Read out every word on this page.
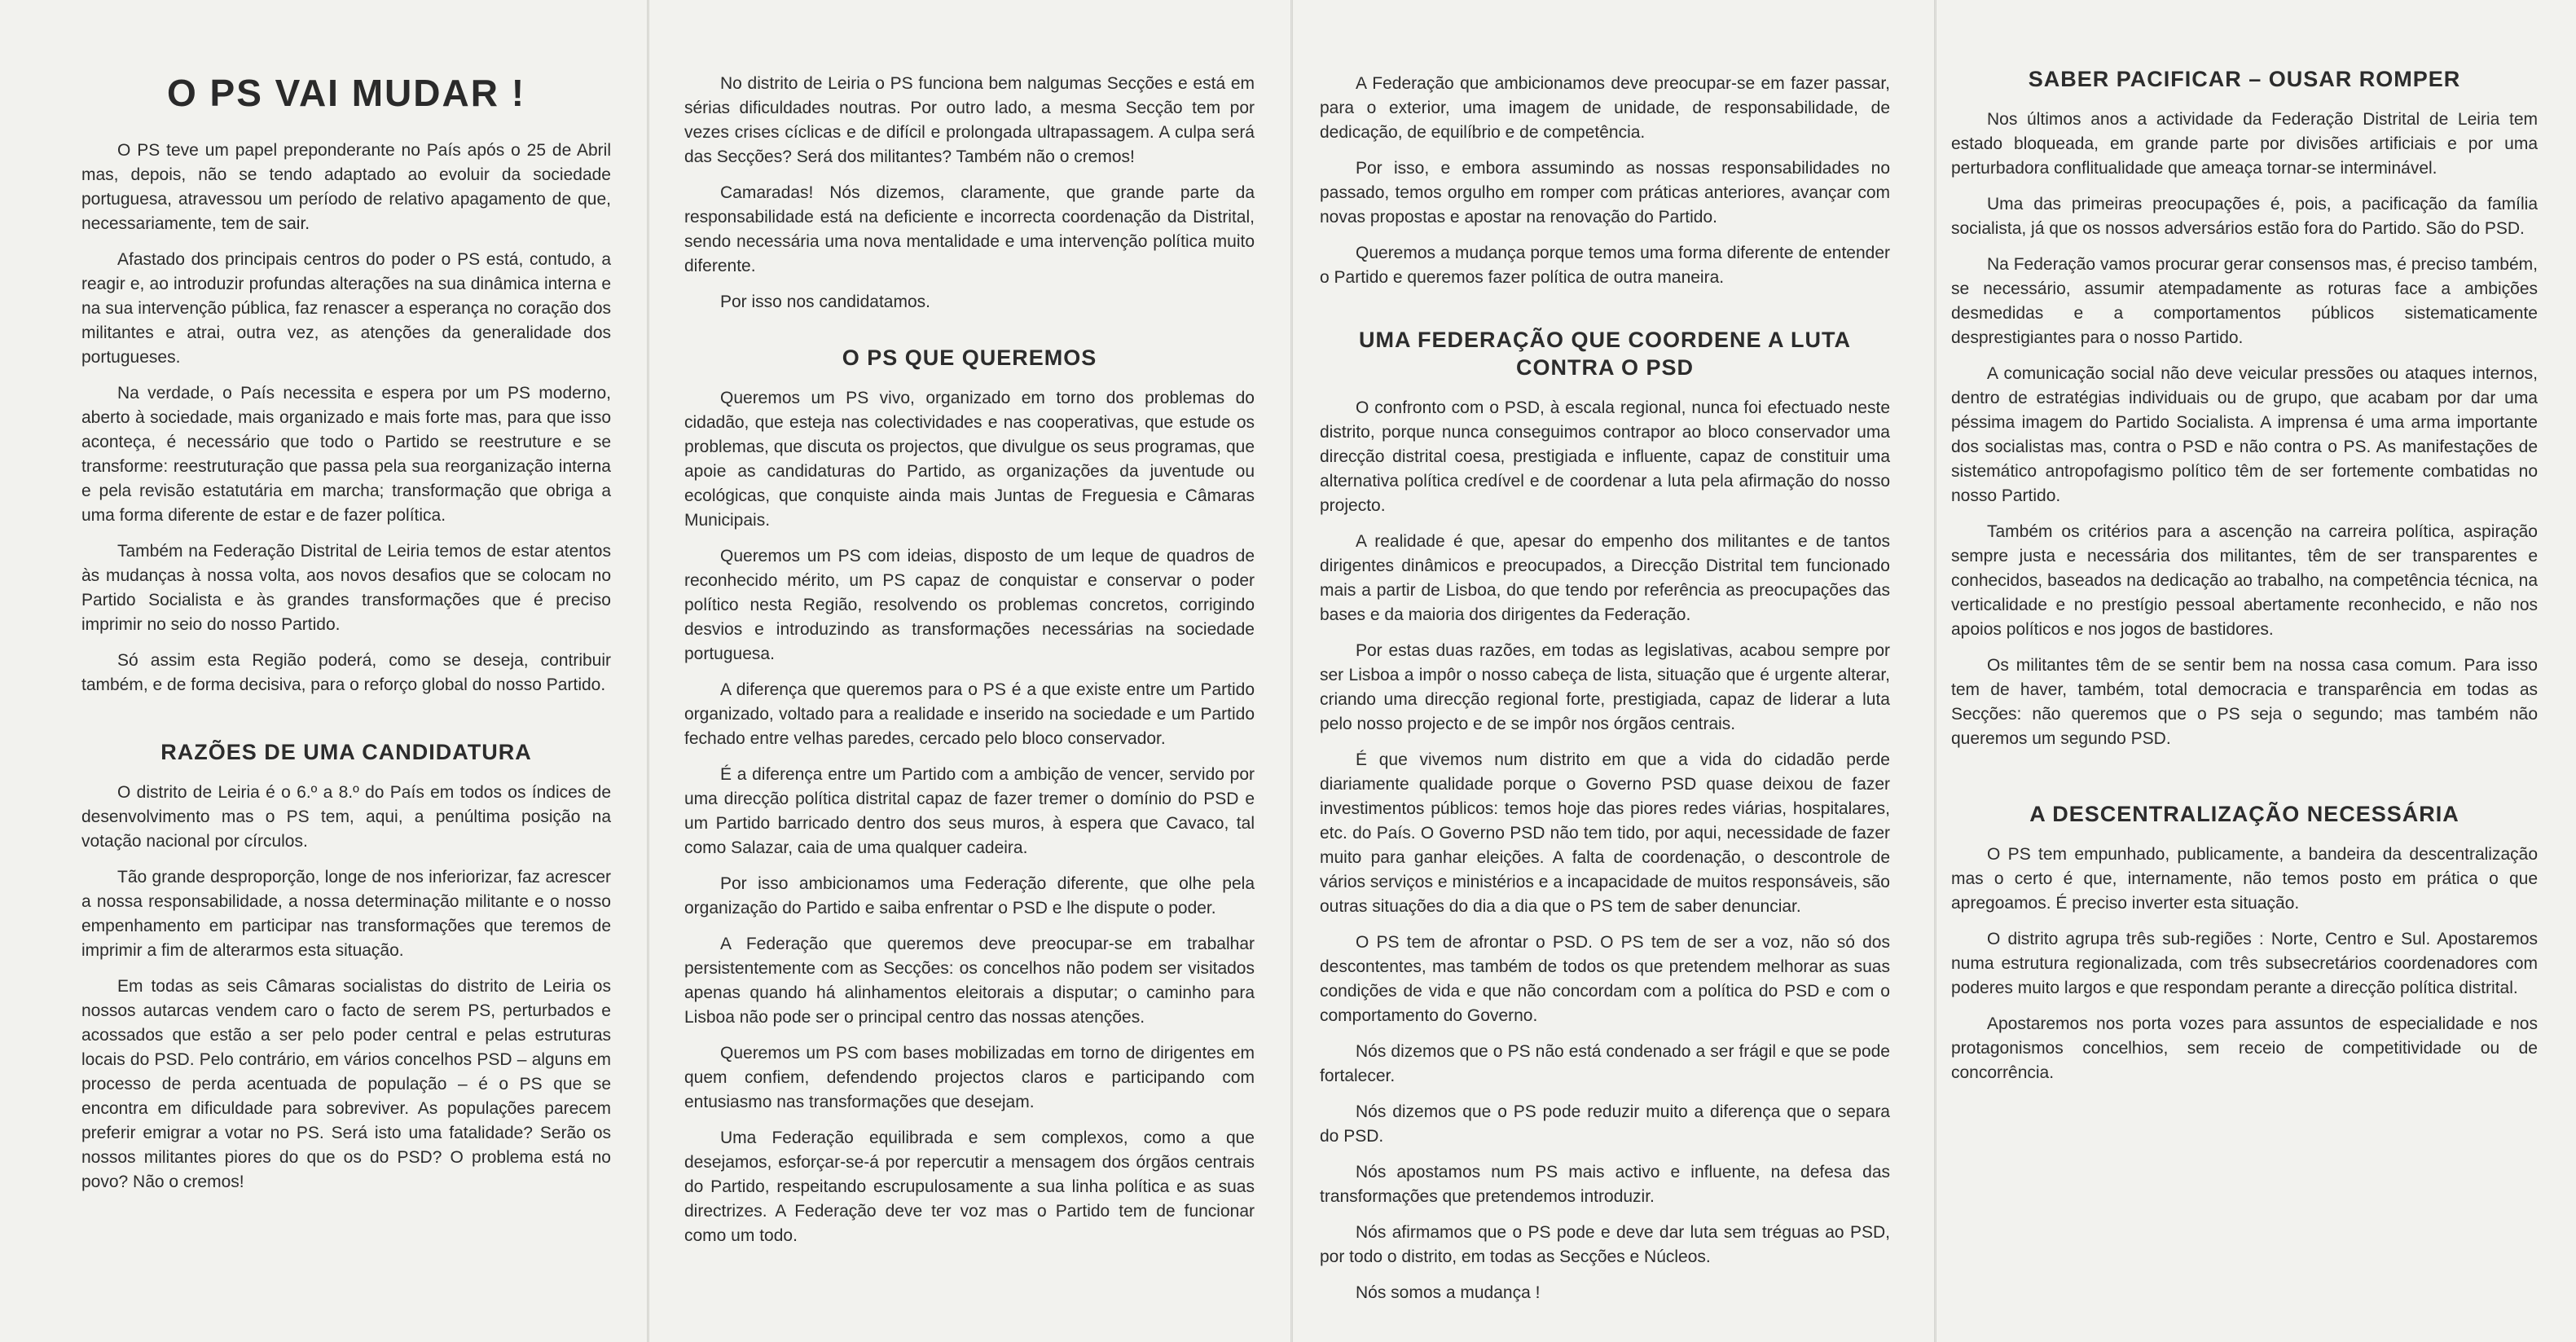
O PS VAI MUDAR !

O PS teve um papel preponderante no País após o 25 de Abril mas, depois, não se tendo adaptado ao evoluir da sociedade portuguesa, atravessou um período de relativo apagamento de que, necessariamente, tem de sair.

Afastado dos principais centros do poder o PS está, contudo, a reagir e, ao introduzir profundas alterações na sua dinâmica interna e na sua intervenção pública, faz renascer a esperança no coração dos militantes e atrai, outra vez, as atenções da generalidade dos portugueses.

Na verdade, o País necessita e espera por um PS moderno, aberto à sociedade, mais organizado e mais forte mas, para que isso aconteça, é necessário que todo o Partido se reestruture e se transforme: reestruturação que passa pela sua reorganização interna e pela revisão estatutária em marcha; transformação que obriga a uma forma diferente de estar e de fazer política.

Também na Federação Distrital de Leiria temos de estar atentos às mudanças à nossa volta, aos novos desafios que se colocam no Partido Socialista e às grandes transformações que é preciso imprimir no seio do nosso Partido.

Só assim esta Região poderá, como se deseja, contribuir também, e de forma decisiva, para o reforço global do nosso Partido.

RAZÕES DE UMA CANDIDATURA

O distrito de Leiria é o 6.º a 8.º do País em todos os índices de desenvolvimento mas o PS tem, aqui, a penúltima posição na votação nacional por círculos.

Tão grande desproporção, longe de nos inferiorizar, faz acrescer a nossa responsabilidade, a nossa determinação militante e o nosso empenhamento em participar nas transformações que teremos de imprimir a fim de alterarmos esta situação.

Em todas as seis Câmaras socialistas do distrito de Leiria os nossos autarcas vendem caro o facto de serem PS, perturbados e acossados que estão a ser pelo poder central e pelas estruturas locais do PSD. Pelo contrário, em vários concelhos PSD – alguns em processo de perda acentuada de população – é o PS que se encontra em dificuldade para sobreviver. As populações parecem preferir emigrar a votar no PS. Será isto uma fatalidade? Serão os nossos militantes piores do que os do PSD? O problema está no povo? Não o cremos!

No distrito de Leiria o PS funciona bem nalgumas Secções e está em sérias dificuldades noutras. Por outro lado, a mesma Secção tem por vezes crises cíclicas e de difícil e prolongada ultrapassagem. A culpa será das Secções? Será dos militantes? Também não o cremos!

Camaradas! Nós dizemos, claramente, que grande parte da responsabilidade está na deficiente e incorrecta coordenação da Distrital, sendo necessária uma nova mentalidade e uma intervenção política muito diferente.

Por isso nos candidatamos.

O PS QUE QUEREMOS

Queremos um PS vivo, organizado em torno dos problemas do cidadão, que esteja nas colectividades e nas cooperativas, que estude os problemas, que discuta os projectos, que divulgue os seus programas, que apoie as candidaturas do Partido, as organizações da juventude ou ecológicas, que conquiste ainda mais Juntas de Freguesia e Câmaras Municipais.

Queremos um PS com ideias, disposto de um leque de quadros de reconhecido mérito, um PS capaz de conquistar e conservar o poder político nesta Região, resolvendo os problemas concretos, corrigindo desvios e introduzindo as transformações necessárias na sociedade portuguesa.

A diferença que queremos para o PS é a que existe entre um Partido organizado, voltado para a realidade e inserido na sociedade e um Partido fechado entre velhas paredes, cercado pelo bloco conservador.

É a diferença entre um Partido com a ambição de vencer, servido por uma direcção política distrital capaz de fazer tremer o domínio do PSD e um Partido barricado dentro dos seus muros, à espera que Cavaco, tal como Salazar, caia de uma qualquer cadeira.

Por isso ambicionamos uma Federação diferente, que olhe pela organização do Partido e saiba enfrentar o PSD e lhe dispute o poder.

A Federação que queremos deve preocupar-se em trabalhar persistentemente com as Secções: os concelhos não podem ser visitados apenas quando há alinhamentos eleitorais a disputar; o caminho para Lisboa não pode ser o principal centro das nossas atenções.

Queremos um PS com bases mobilizadas em torno de dirigentes em quem confiem, defendendo projectos claros e participando com entusiasmo nas transformações que desejam.

Uma Federação equilibrada e sem complexos, como a que desejamos, esforçar-se-á por repercutir a mensagem dos órgãos centrais do Partido, respeitando escrupulosamente a sua linha política e as suas directrizes. A Federação deve ter voz mas o Partido tem de funcionar como um todo.

A Federação que ambicionamos deve preocupar-se em fazer passar, para o exterior, uma imagem de unidade, de responsabilidade, de dedicação, de equilíbrio e de competência.

Por isso, e embora assumindo as nossas responsabilidades no passado, temos orgulho em romper com práticas anteriores, avançar com novas propostas e apostar na renovação do Partido.

Queremos a mudança porque temos uma forma diferente de entender o Partido e queremos fazer política de outra maneira.

UMA FEDERAÇÃO QUE COORDENE A LUTA CONTRA O PSD

O confronto com o PSD, à escala regional, nunca foi efectuado neste distrito, porque nunca conseguimos contrapor ao bloco conservador uma direcção distrital coesa, prestigiada e influente, capaz de constituir uma alternativa política credível e de coordenar a luta pela afirmação do nosso projecto.

A realidade é que, apesar do empenho dos militantes e de tantos dirigentes dinâmicos e preocupados, a Direcção Distrital tem funcionado mais a partir de Lisboa, do que tendo por referência as preocupações das bases e da maioria dos dirigentes da Federação.

Por estas duas razões, em todas as legislativas, acabou sempre por ser Lisboa a impôr o nosso cabeça de lista, situação que é urgente alterar, criando uma direcção regional forte, prestigiada, capaz de liderar a luta pelo nosso projecto e de se impôr nos órgãos centrais.

É que vivemos num distrito em que a vida do cidadão perde diariamente qualidade porque o Governo PSD quase deixou de fazer investimentos públicos: temos hoje das piores redes viárias, hospitalares, etc. do País. O Governo PSD não tem tido, por aqui, necessidade de fazer muito para ganhar eleições. A falta de coordenação, o descontrole de vários serviços e ministérios e a incapacidade de muitos responsáveis, são outras situações do dia a dia que o PS tem de saber denunciar.

O PS tem de afrontar o PSD. O PS tem de ser a voz, não só dos descontentes, mas também de todos os que pretendem melhorar as suas condições de vida e que não concordam com a política do PSD e com o comportamento do Governo.

Nós dizemos que o PS não está condenado a ser frágil e que se pode fortalecer.

Nós dizemos que o PS pode reduzir muito a diferença que o separa do PSD.

Nós apostamos num PS mais activo e influente, na defesa das transformações que pretendemos introduzir.

Nós afirmamos que o PS pode e deve dar luta sem tréguas ao PSD, por todo o distrito, em todas as Secções e Núcleos.

Nós somos a mudança !

SABER PACIFICAR – OUSAR ROMPER

Nos últimos anos a actividade da Federação Distrital de Leiria tem estado bloqueada, em grande parte por divisões artificiais e por uma perturbadora conflitualidade que ameaça tornar-se interminável.

Uma das primeiras preocupações é, pois, a pacificação da família socialista, já que os nossos adversários estão fora do Partido. São do PSD.

Na Federação vamos procurar gerar consensos mas, é preciso também, se necessário, assumir atempadamente as roturas face a ambições desmedidas e a comportamentos públicos sistematicamente desprestigiantes para o nosso Partido.

A comunicação social não deve veicular pressões ou ataques internos, dentro de estratégias individuais ou de grupo, que acabam por dar uma péssima imagem do Partido Socialista. A imprensa é uma arma importante dos socialistas mas, contra o PSD e não contra o PS. As manifestações de sistemático antropofagismo político têm de ser fortemente combatidas no nosso Partido.

Também os critérios para a ascenção na carreira política, aspiração sempre justa e necessária dos militantes, têm de ser transparentes e conhecidos, baseados na dedicação ao trabalho, na competência técnica, na verticalidade e no prestígio pessoal abertamente reconhecido, e não nos apoios políticos e nos jogos de bastidores.

Os militantes têm de se sentir bem na nossa casa comum. Para isso tem de haver, também, total democracia e transparência em todas as Secções: não queremos que o PS seja o segundo; mas também não queremos um segundo PSD.

A DESCENTRALIZAÇÃO NECESSÁRIA

O PS tem empunhado, publicamente, a bandeira da descentralização mas o certo é que, internamente, não temos posto em prática o que apregoamos. É preciso inverter esta situação.

O distrito agrupa três sub-regiões : Norte, Centro e Sul. Apostaremos numa estrutura regionalizada, com três subsecretários coordenadores com poderes muito largos e que respondam perante a direcção política distrital.

Apostaremos nos porta vozes para assuntos de especialidade e nos protagonismos concelhios, sem receio de competitividade ou de concorrência.
